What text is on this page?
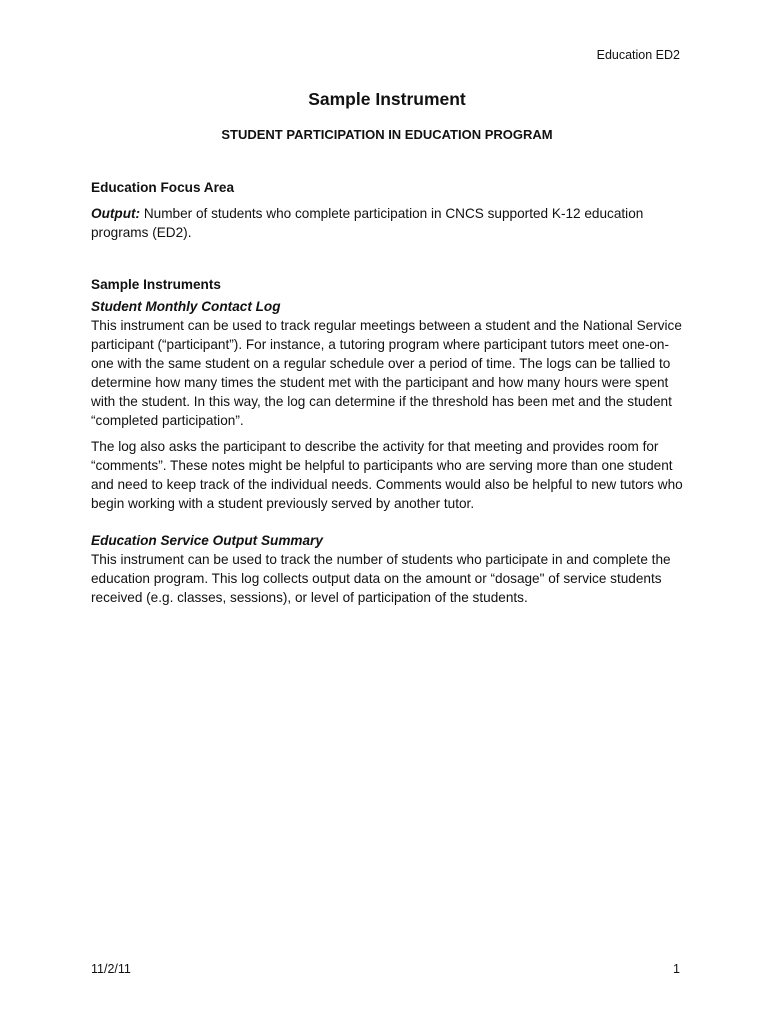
Education ED2
Sample Instrument
STUDENT PARTICIPATION IN EDUCATION PROGRAM
Education Focus Area

Output: Number of students who complete participation in CNCS supported K-12 education programs (ED2).

Sample Instruments
Student Monthly Contact Log

This instrument can be used to track regular meetings between a student and the National Service participant (“participant”). For instance, a tutoring program where participant tutors meet one-on-one with the same student on a regular schedule over a period of time. The logs can be tallied to determine how many times the student met with the participant and how many hours were spent with the student. In this way, the log can determine if the threshold has been met and the student “completed participation”.

The log also asks the participant to describe the activity for that meeting and provides room for “comments”. These notes might be helpful to participants who are serving more than one student and need to keep track of the individual needs. Comments would also be helpful to new tutors who begin working with a student previously served by another tutor.

Education Service Output Summary

This instrument can be used to track the number of students who participate in and complete the education program. This log collects output data on the amount or “dosage" of service students received (e.g. classes, sessions), or level of participation of the students.

11/2/11	1
